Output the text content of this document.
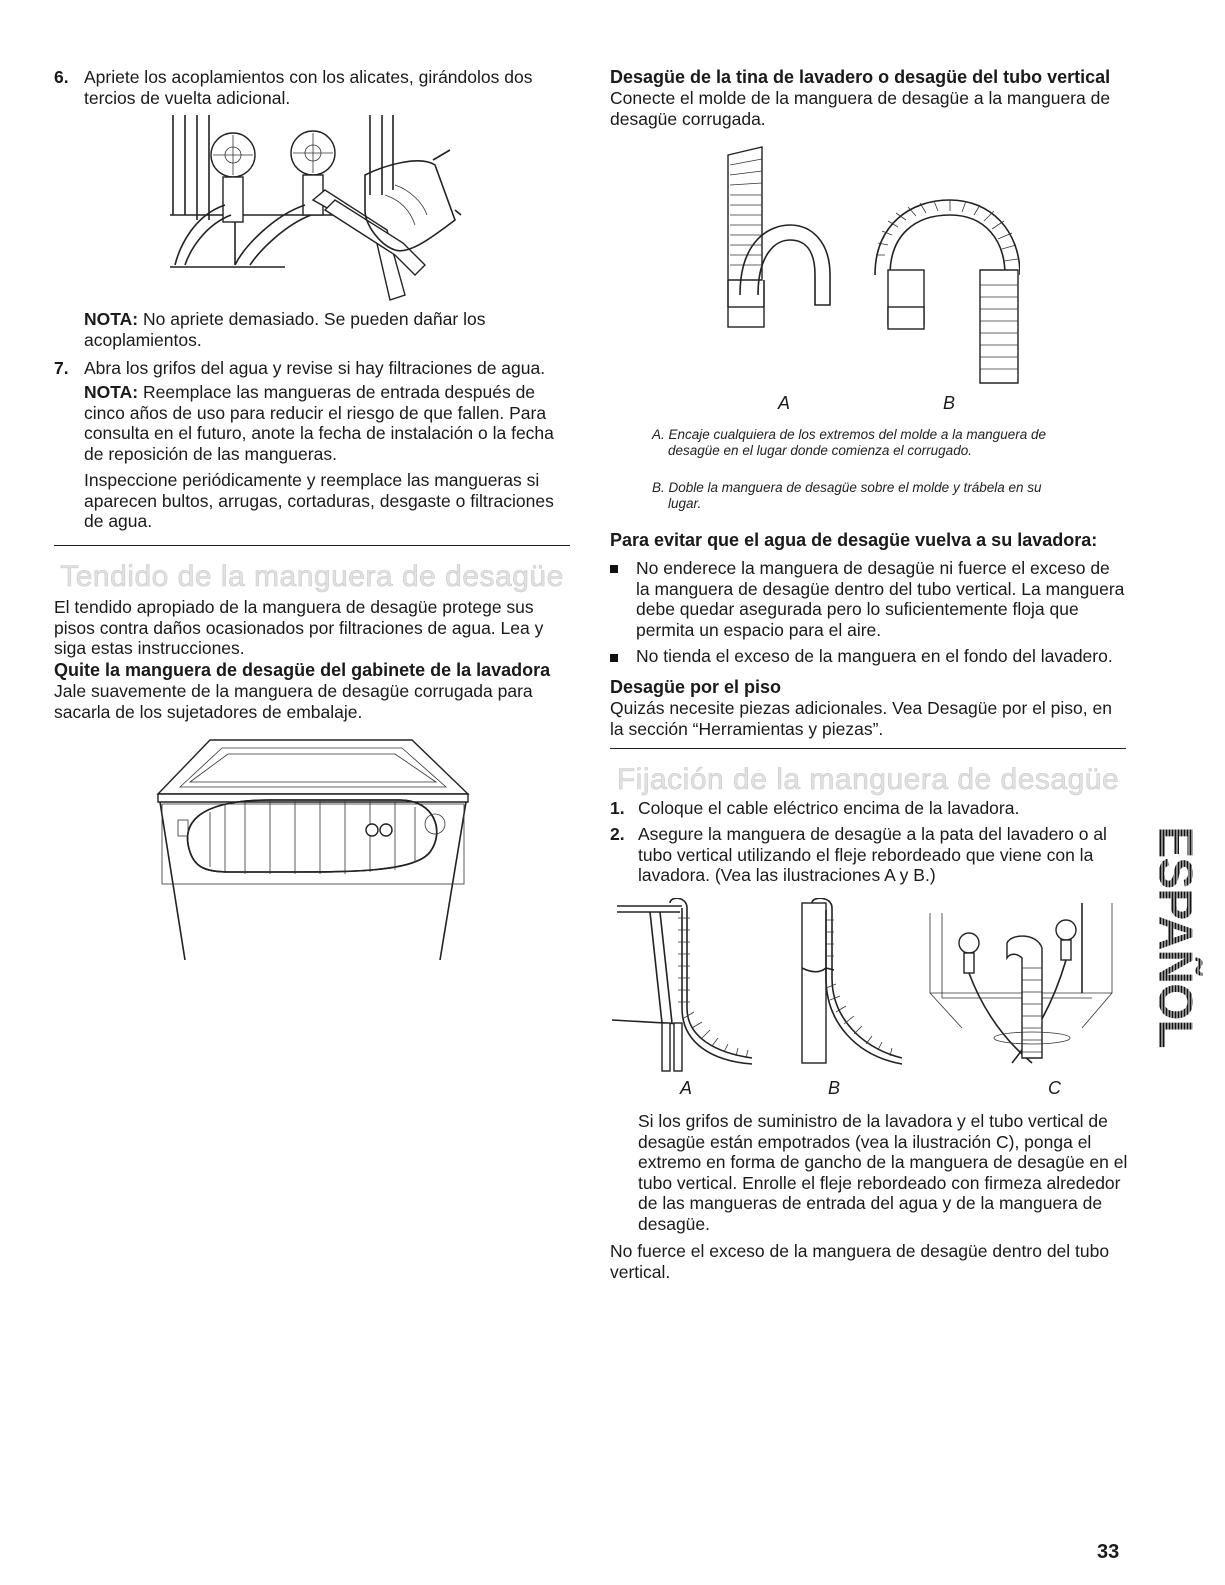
6. Apriete los acoplamientos con los alicates, girándolos dos tercios de vuelta adicional.

NOTA: No apriete demasiado. Se pueden dañar los acoplamientos.

7. Abra los grifos del agua y revise si hay filtraciones de agua.

NOTA: Reemplace las mangueras de entrada después de cinco años de uso para reducir el riesgo de que fallen. Para consulta en el futuro, anote la fecha de instalación o la fecha de reposición de las mangueras.

Inspeccione periódicamente y reemplace las mangueras si aparecen bultos, arrugas, cortaduras, desgaste o filtraciones de agua.

Tendido de la manguera de desagüe

El tendido apropiado de la manguera de desagüe protege sus pisos contra daños ocasionados por filtraciones de agua. Lea y siga estas instrucciones.

Quite la manguera de desagüe del gabinete de la lavadora

Jale suavemente de la manguera de desagüe corrugada para sacarla de los sujetadores de embalaje.

Desagüe de la tina de lavadero o desagüe del tubo vertical

Conecte el molde de la manguera de desagüe a la manguera de desagüe corrugada.

A	B

A. Encaje cualquiera de los extremos del molde a la manguera de desagüe en el lugar donde comienza el corrugado.

B. Doble la manguera de desagüe sobre el molde y trábela en su lugar.

Para evitar que el agua de desagüe vuelva a su lavadora:

No enderece la manguera de desagüe ni fuerce el exceso de la manguera de desagüe dentro del tubo vertical. La manguera debe quedar asegurada pero lo suficientemente floja que permita un espacio para el aire.

No tienda el exceso de la manguera en el fondo del lavadero.

Desagüe por el piso

Quizás necesite piezas adicionales. Vea Desagüe por el piso, en la sección “Herramientas y piezas”.

Fijación de la manguera de desagüe
1. Coloque el cable eléctrico encima de la lavadora.

2. Asegure la manguera de desagüe a la pata del lavadero o al tubo vertical utilizando el fleje rebordeado que viene con la lavadora. (Vea las ilustraciones A y B.)

A	B	C

Si los grifos de suministro de la lavadora y el tubo vertical de desagüe están empotrados (vea la ilustración C), ponga el extremo en forma de gancho de la manguera de desagüe en el tubo vertical. Enrolle el fleje rebordeado con firmeza alrededor de las mangueras de entrada del agua y de la manguera de desagüe.

No fuerce el exceso de la manguera de desagüe dentro del tubo vertical.

ESPAÑOL
33
